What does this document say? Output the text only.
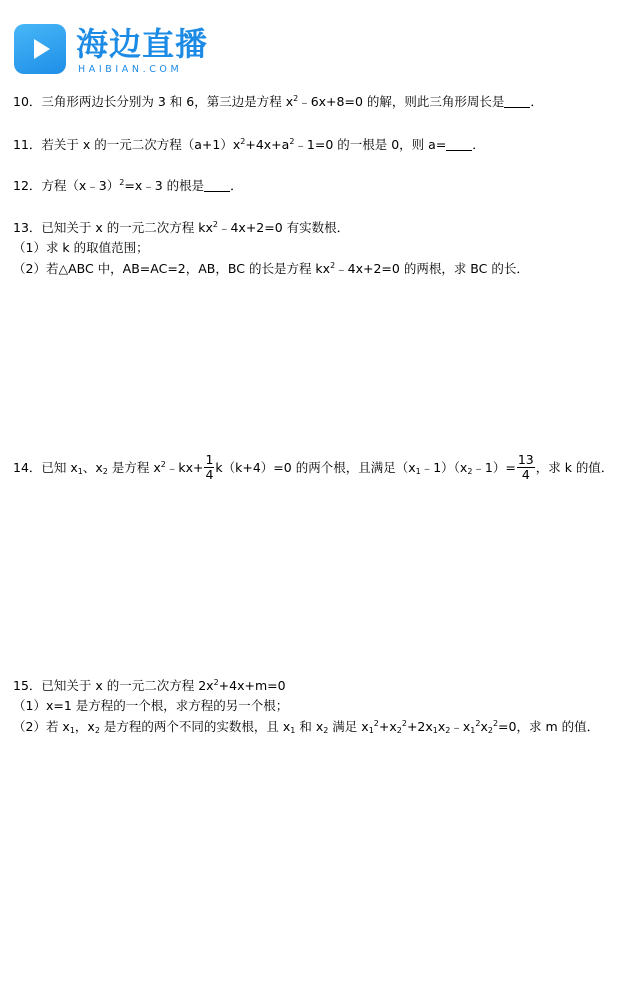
海边直播
HAIBIAN.COM
10．三角形两边长分别为 3 和 6，第三边是方程 $x^2﹣6x+8=0$ 的解，则此三角形周长是 ．
11．若关于 x 的一元二次方程$(a+1)x^2+4x+a^2﹣1=0$ 的一根是 0，则 a= ．
12．方程（x﹣3）$^2$=x﹣3 的根是 ．
13．已知关于 x 的一元二次方程 $kx^2﹣4x+2=0$ 有实数根．
（1）求 k 的取值范围；
（2）若△ABC 中，AB=AC=2，AB，BC 的长是方程 $kx^2﹣4x+2=0$ 的两根，求 BC 的长．
14．已知 $x_1$、$x_2$ 是方程 $x^2﹣kx+ \frac{1}{4} k(k+4)=0$ 的两个根，且满足$(x_1﹣1)(x_2﹣1)= \frac{13}{4}$ ，求 k 的值．
15．已知关于 x 的一元二次方程 $2x^2+4x+m=0$
（1）x=1 是方程的一个根，求方程的另一个根；
（2）若 $x_1$，$x_2$ 是方程的两个不同的实数根，且 $x_1$ 和 $x_2$ 满足 $x_1^2+x_2^2+2x_1x_2﹣x_1^2x_2^2=0$，求 m 的值．
